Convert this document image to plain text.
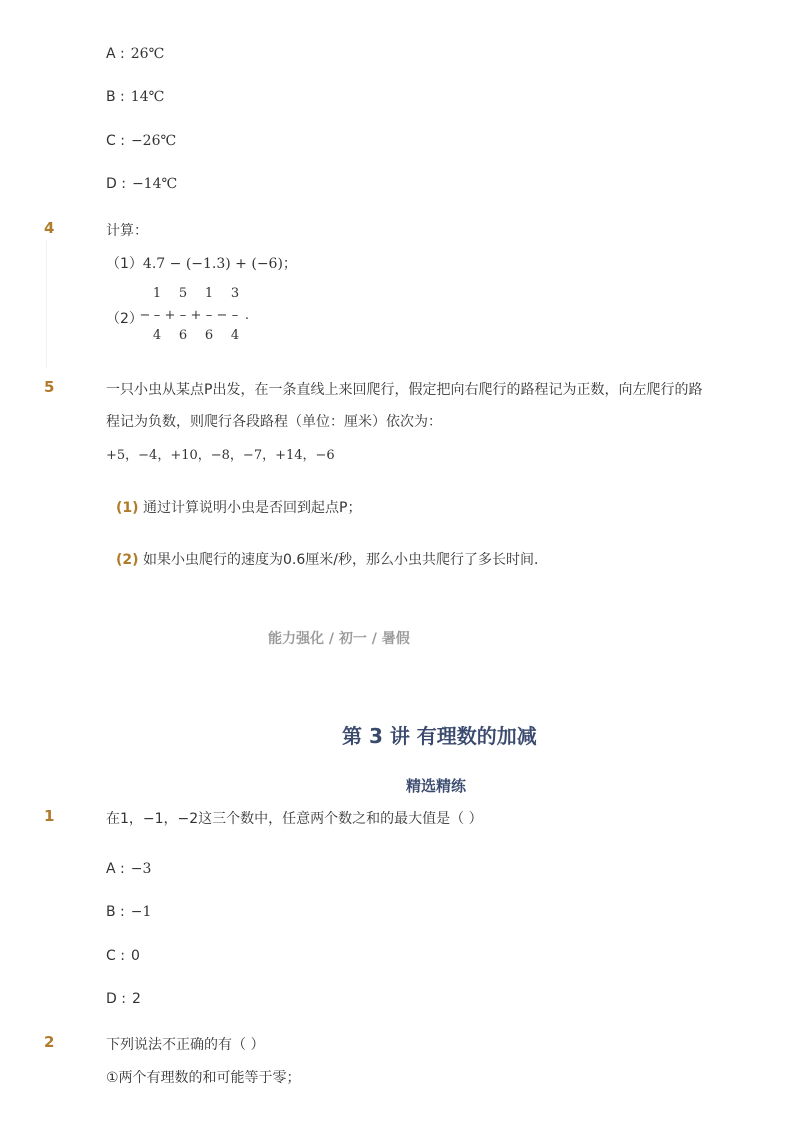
A : 26℃
B : 14℃
C : −26℃
D : −14℃
4	计算：
（1）4.7 − (−1.3) + (−6)；
（2）
1 5 1 3
− – + – + – − – .
4 6 6 4
5	一只小虫从某点P出发，在一条直线上来回爬行，假定把向右爬行的路程记为正数，向左爬行的路
程记为负数，则爬行各段路程（单位：厘米）依次为：
+5，−4，+10，−8，−7，+14，−6
(1) 通过计算说明小虫是否回到起点P；
(2) 如果小虫爬行的速度为0.6厘米/秒，那么小虫共爬行了多长时间．
能力强化 / 初一 / 暑假
第 3 讲 有理数的加减
精选精练
1	在1，−1，−2这三个数中，任意两个数之和的最大值是（ ）
A : −3
B : −1
C : 0
D : 2
2	下列说法不正确的有（ ）
①两个有理数的和可能等于零；
